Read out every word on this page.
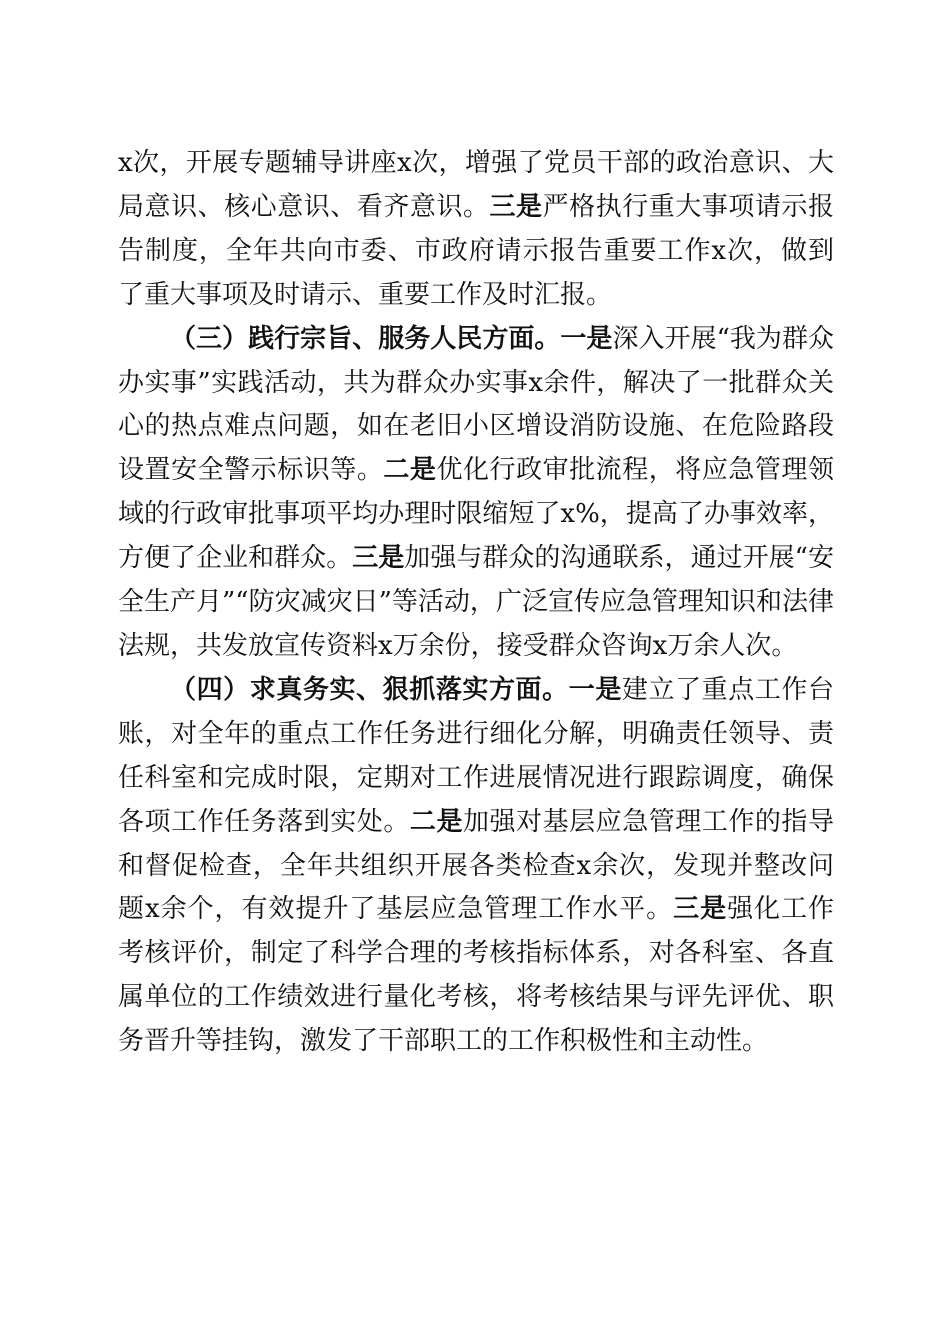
x次，开展专题辅导讲座x次，增强了党员干部的政治意识、大局意识、核心意识、看齐意识。三是严格执行重大事项请示报告制度，全年共向市委、市政府请示报告重要工作x次，做到了重大事项及时请示、重要工作及时汇报。

（三）践行宗旨、服务人民方面。一是深入开展“我为群众办实事”实践活动，共为群众办实事x余件，解决了一批群众关心的热点难点问题，如在老旧小区增设消防设施、在危险路段设置安全警示标识等。二是优化行政审批流程，将应急管理领域的行政审批事项平均办理时限缩短了x%，提高了办事效率，方便了企业和群众。三是加强与群众的沟通联系，通过开展“安全生产月”“防灾减灾日”等活动，广泛宣传应急管理知识和法律法规，共发放宣传资料x万余份，接受群众咨询x万余人次。

（四）求真务实、狠抓落实方面。一是建立了重点工作台账，对全年的重点工作任务进行细化分解，明确责任领导、责任科室和完成时限，定期对工作进展情况进行跟踪调度，确保各项工作任务落到实处。二是加强对基层应急管理工作的指导和督促检查，全年共组织开展各类检查x余次，发现并整改问题x余个，有效提升了基层应急管理工作水平。三是强化工作考核评价，制定了科学合理的考核指标体系，对各科室、各直属单位的工作绩效进行量化考核，将考核结果与评先评优、职务晋升等挂钩，激发了干部职工的工作积极性和主动性。
